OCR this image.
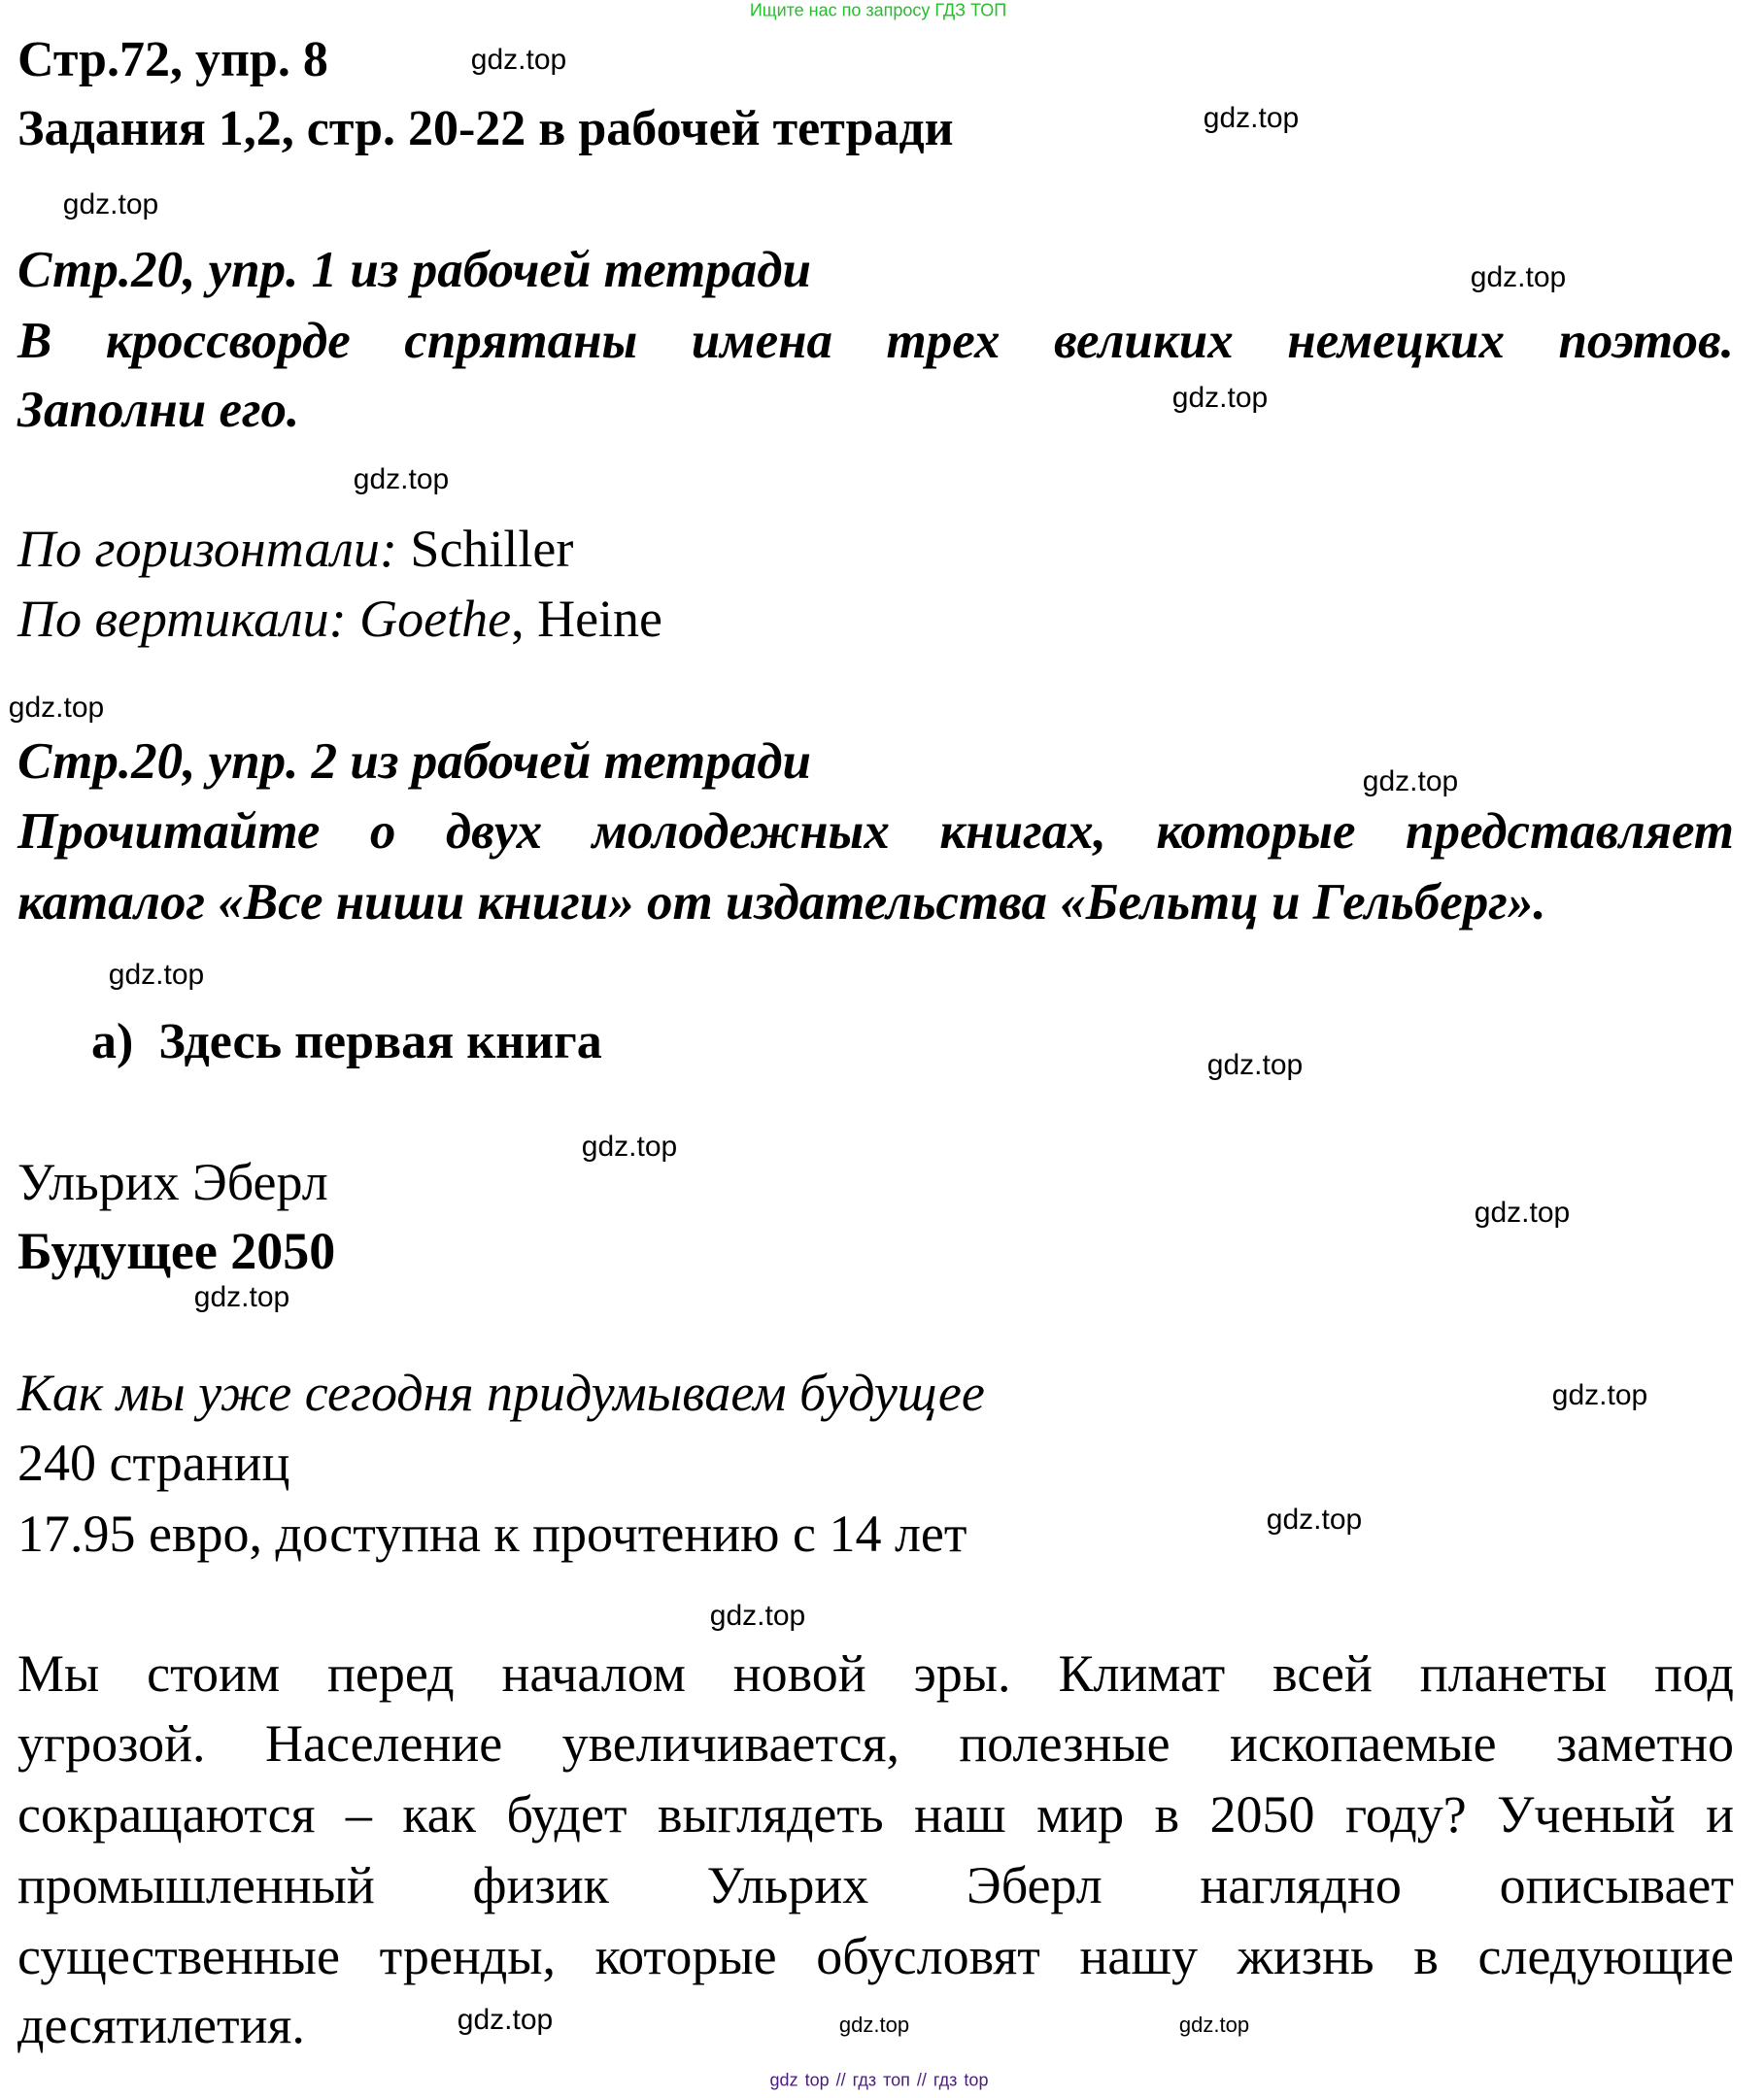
Ищите нас по запросу ГДЗ ТОП
Стр.72, упр. 8
Задания 1,2, стр. 20-22 в рабочей тетради
Стр.20, упр. 1 из рабочей тетради
В кроссворде спрятаны имена трех великих немецких поэтов.
Заполни его.
По горизонтали: Schiller
По вертикали: Goethe, Heine
Стр.20, упр. 2 из рабочей тетради
Прочитайте о двух молодежных книгах, которые представляет
каталог «Все ниши книги» от издательства «Бельтц и Гельберг».
а)  Здесь первая книга
Ульрих Эберл
Будущее 2050
Как мы уже сегодня придумываем будущее
240 страниц
17.95 евро, доступна к прочтению с 14 лет
Мы стоим перед началом новой эры. Климат всей планеты под
угрозой. Население увеличивается, полезные ископаемые заметно
сокращаются – как будет выглядеть наш мир в 2050 году? Ученый и
промышленный физик Ульрих Эберл наглядно описывает
существенные тренды, которые обусловят нашу жизнь в следующие
десятилетия.
gdz.top
gdz.top
gdz.top
gdz.top
gdz.top
gdz.top
gdz.top
gdz.top
gdz.top
gdz.top
gdz.top
gdz.top
gdz.top
gdz.top
gdz.top
gdz.top
gdz.top	gdz.top
gdz.top
gdz top // гдз топ // гдз top
